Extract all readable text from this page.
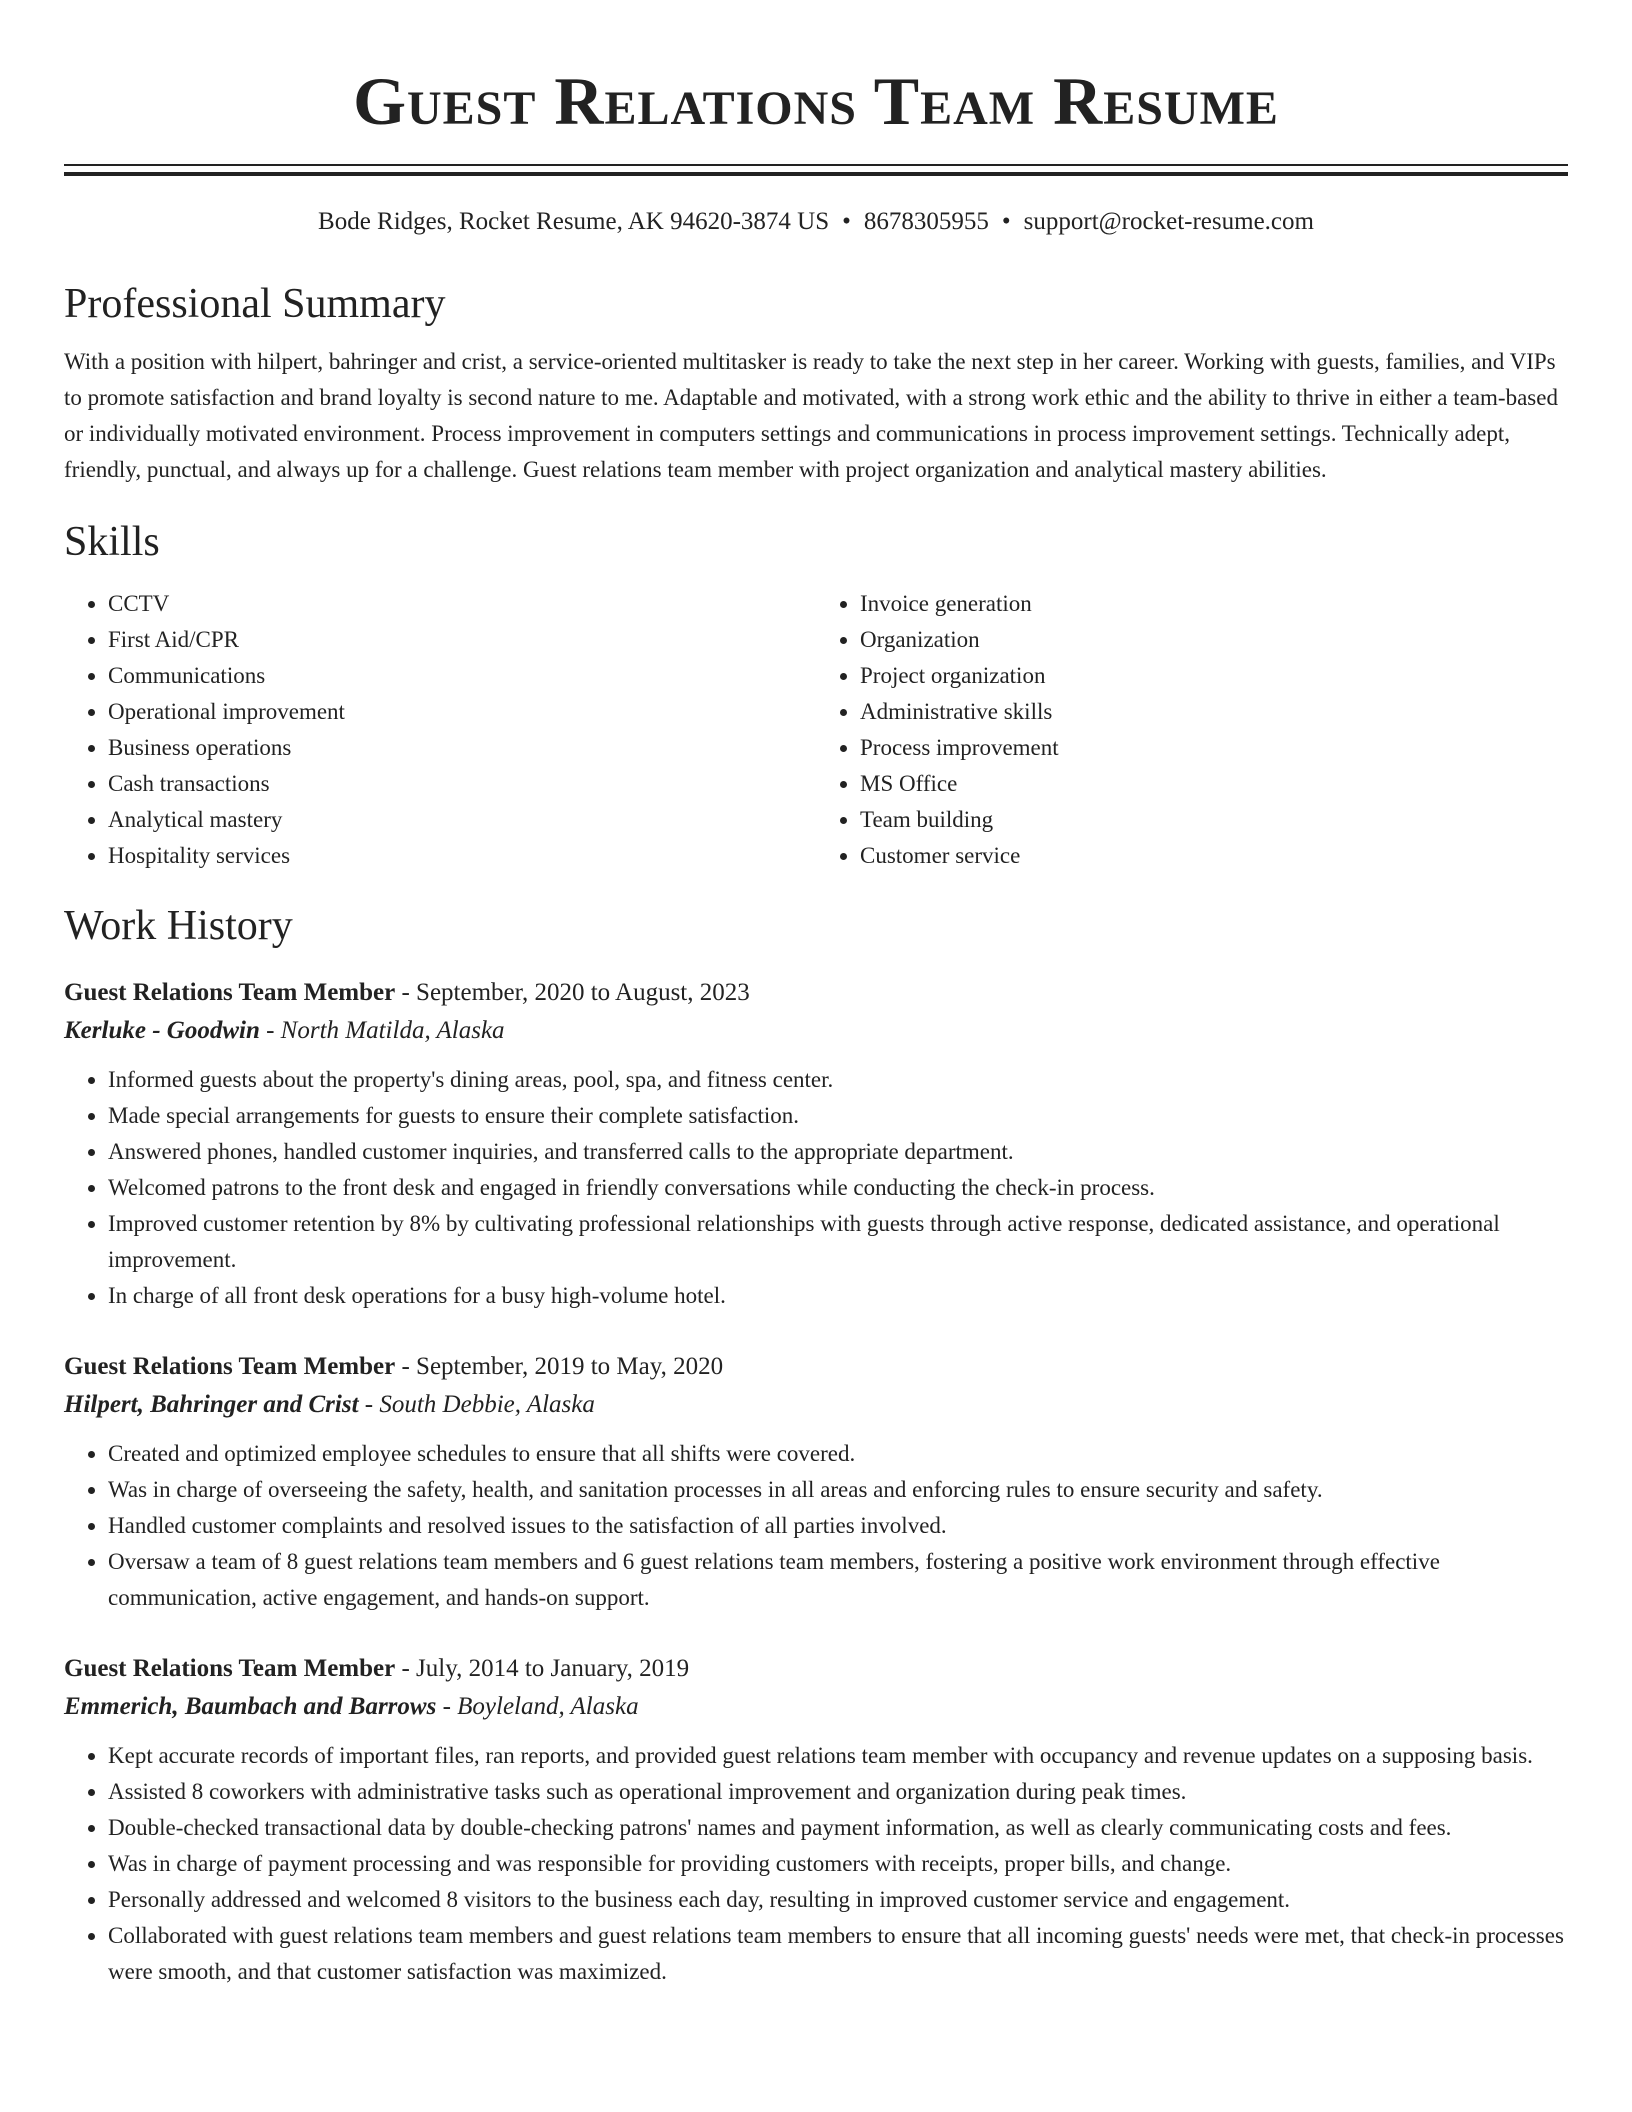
Guest Relations Team Resume
Bode Ridges, Rocket Resume, AK 94620-3874 US • 8678305955 • support@rocket-resume.com
Professional Summary

With a position with hilpert, bahringer and crist, a service-oriented multitasker is ready to take the next step in her career. Working with guests, families, and VIPs to promote satisfaction and brand loyalty is second nature to me. Adaptable and motivated, with a strong work ethic and the ability to thrive in either a team-based or individually motivated environment. Process improvement in computers settings and communications in process improvement settings. Technically adept, friendly, punctual, and always up for a challenge. Guest relations team member with project organization and analytical mastery abilities.

Skills
• CCTV
• First Aid/CPR
• Communications
• Operational improvement
• Business operations
• Cash transactions
• Analytical mastery
• Hospitality services
• Invoice generation
• Organization
• Project organization
• Administrative skills
• Process improvement
• MS Office
• Team building
• Customer service
Work History
Guest Relations Team Member - September, 2020 to August, 2023
Kerluke - Goodwin - North Matilda, Alaska
• Informed guests about the property's dining areas, pool, spa, and fitness center.
• Made special arrangements for guests to ensure their complete satisfaction.
• Answered phones, handled customer inquiries, and transferred calls to the appropriate department.
• Welcomed patrons to the front desk and engaged in friendly conversations while conducting the check-in process.
• Improved customer retention by 8% by cultivating professional relationships with guests through active response, dedicated assistance, and operational improvement.
• In charge of all front desk operations for a busy high-volume hotel.
Guest Relations Team Member - September, 2019 to May, 2020
Hilpert, Bahringer and Crist - South Debbie, Alaska
• Created and optimized employee schedules to ensure that all shifts were covered.
• Was in charge of overseeing the safety, health, and sanitation processes in all areas and enforcing rules to ensure security and safety.
• Handled customer complaints and resolved issues to the satisfaction of all parties involved.
• Oversaw a team of 8 guest relations team members and 6 guest relations team members, fostering a positive work environment through effective communication, active engagement, and hands-on support.
Guest Relations Team Member - July, 2014 to January, 2019
Emmerich, Baumbach and Barrows - Boyleland, Alaska
• Kept accurate records of important files, ran reports, and provided guest relations team member with occupancy and revenue updates on a supposing basis.
• Assisted 8 coworkers with administrative tasks such as operational improvement and organization during peak times.
• Double-checked transactional data by double-checking patrons' names and payment information, as well as clearly communicating costs and fees.
• Was in charge of payment processing and was responsible for providing customers with receipts, proper bills, and change.
• Personally addressed and welcomed 8 visitors to the business each day, resulting in improved customer service and engagement.
• Collaborated with guest relations team members and guest relations team members to ensure that all incoming guests' needs were met, that check-in processes were smooth, and that customer satisfaction was maximized.
